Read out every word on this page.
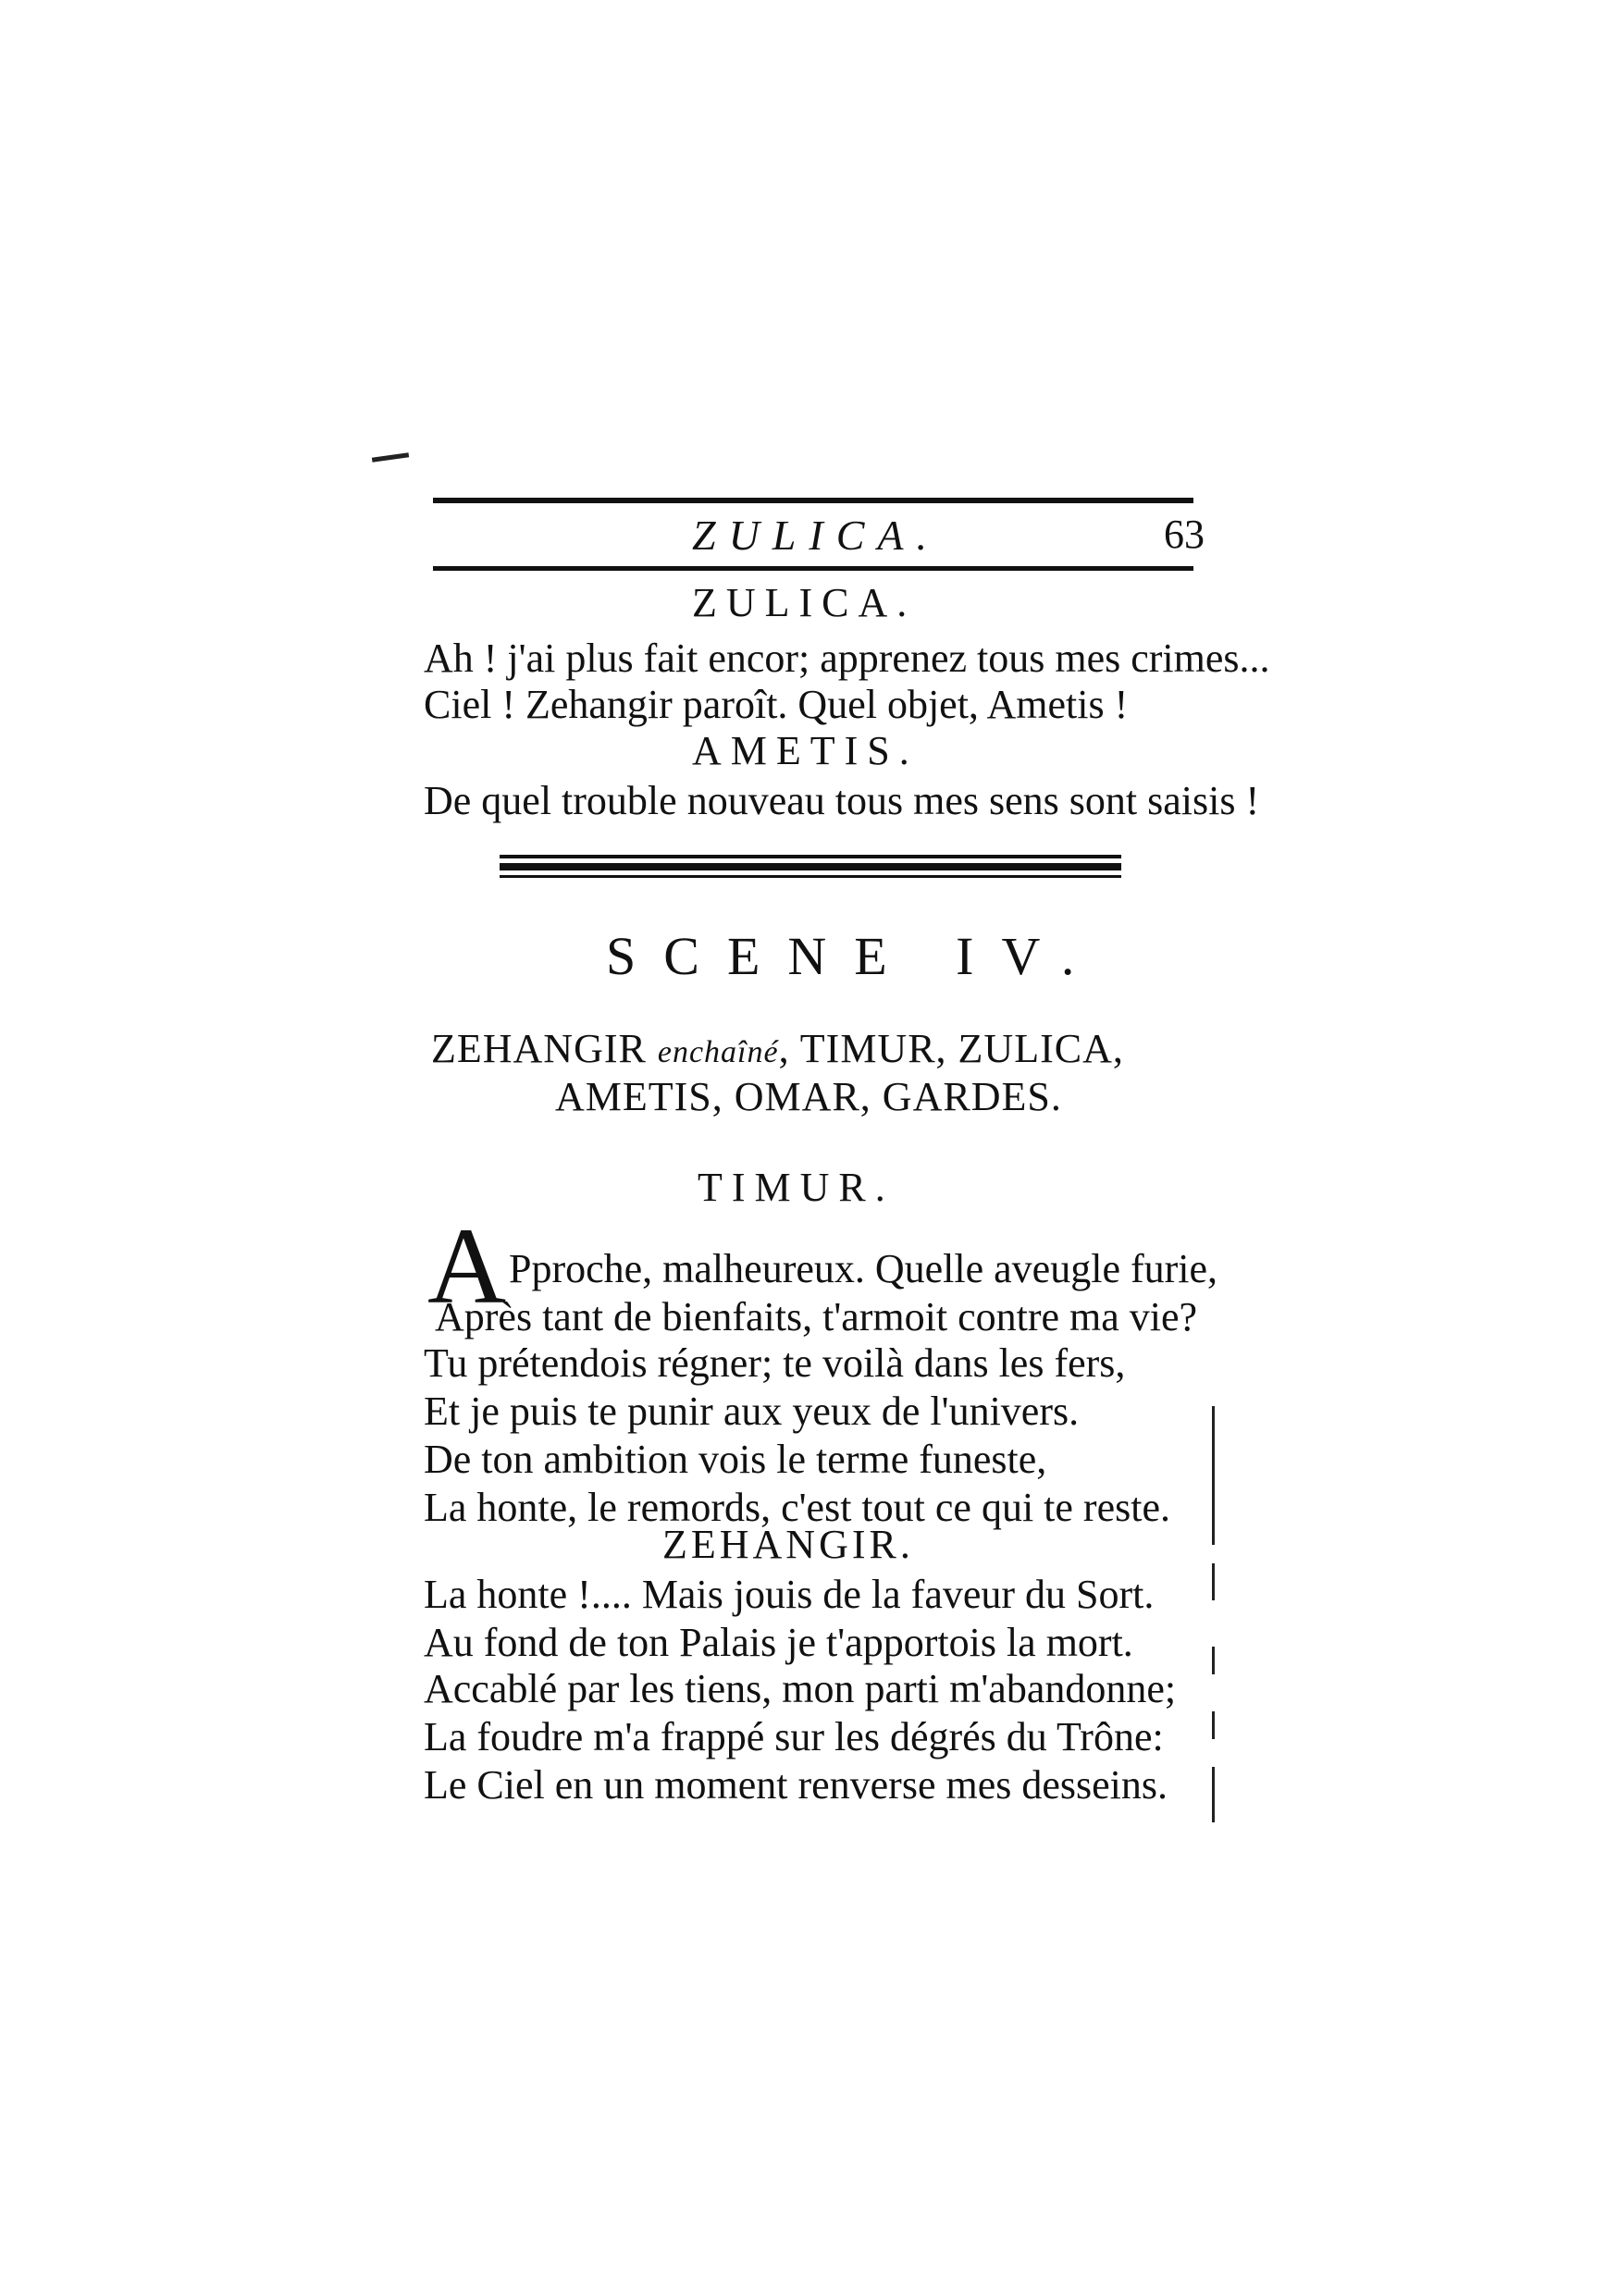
ZULICA.	63
ZULICA.
Ah ! j'ai plus fait encor; apprenez tous mes crimes...
Ciel ! Zehangir paroît. Quel objet, Ametis !
AMETIS.
De quel trouble nouveau tous mes sens sont saisis !
SCENE IV.
ZEHANGIR enchaîné, TIMUR, ZULICA,
AMETIS, OMAR, GARDES.
TIMUR.
A Pproche, malheureux. Quelle aveugle furie,
Après tant de bienfaits, t'armoit contre ma vie?
Tu prétendois régner; te voilà dans les fers,
Et je puis te punir aux yeux de l'univers.
De ton ambition vois le terme funeste,
La honte, le remords, c'est tout ce qui te reste.
ZEHANGIR.
La honte !.... Mais jouis de la faveur du Sort.
Au fond de ton Palais je t'apportois la mort.
Accablé par les tiens, mon parti m'abandonne;
La foudre m'a frappé sur les dégrés du Trône:
Le Ciel en un moment renverse mes desseins.
